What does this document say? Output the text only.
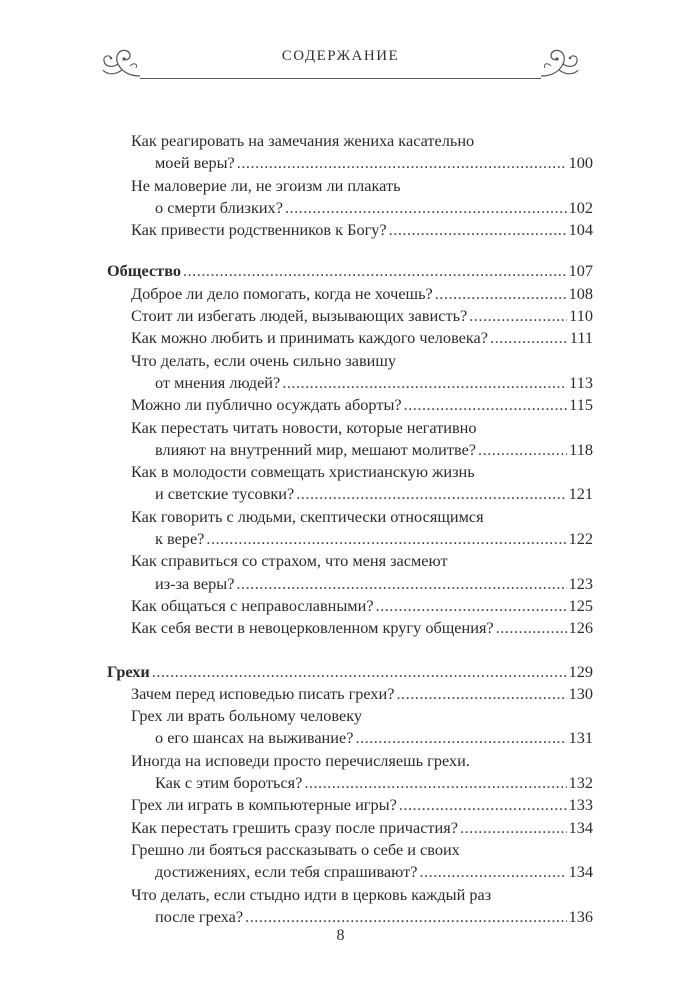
СОДЕРЖАНИЕ
Как реагировать на замечания жениха касательно
моей веры? .....	100
Не маловерие ли, не эгоизм ли плакать
о смерти близких? .....	102
Как привести родственников к Богу? .....	104
Общество .....	107
Доброе ли дело помогать, когда не хочешь? .....	108
Стоит ли избегать людей, вызывающих зависть? .....	110
Как можно любить и принимать каждого человека? .....	111
Что делать, если очень сильно завишу
от мнения людей? .....	113
Можно ли публично осуждать аборты? .....	115
Как перестать читать новости, которые негативно
влияют на внутренний мир, мешают молитве? .....	118
Как в молодости совмещать христианскую жизнь
и светские тусовки? .....	121
Как говорить с людьми, скептически относящимся
к вере? .....	122
Как справиться со страхом, что меня засмеют
из-за веры? .....	123
Как общаться с неправославными? .....	125
Как себя вести в невоцерковленном кругу общения? .....	126
Грехи .....	129
Зачем перед исповедью писать грехи? .....	130
Грех ли врать больному человеку
о его шансах на выживание? .....	131
Иногда на исповеди просто перечисляешь грехи.
Как с этим бороться? .....	132
Грех ли играть в компьютерные игры? .....	133
Как перестать грешить сразу после причастия? .....	134
Грешно ли бояться рассказывать о себе и своих
достижениях, если тебя спрашивают? .....	134
Что делать, если стыдно идти в церковь каждый раз
после греха? .....	136
8
